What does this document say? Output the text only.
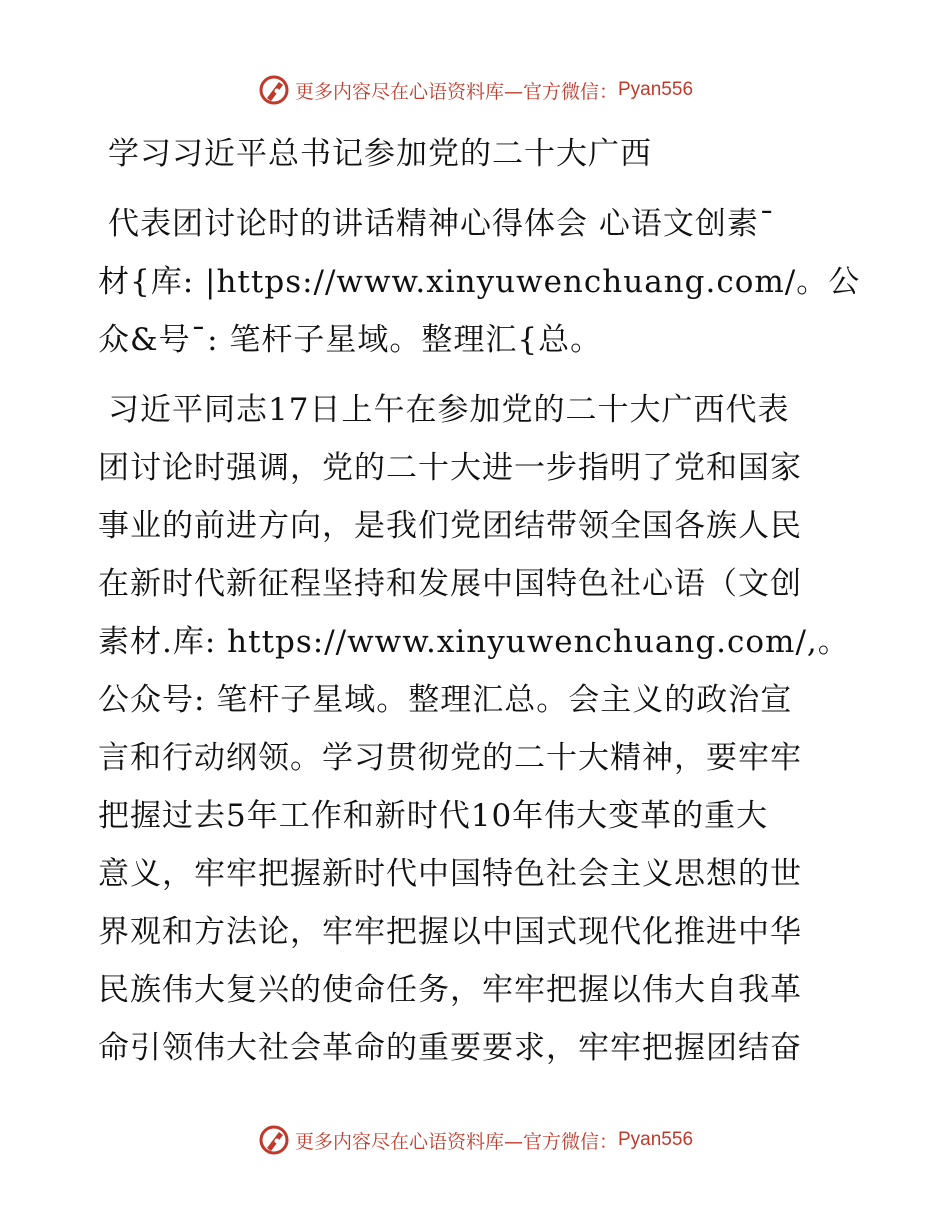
更多内容尽在心语资料库 —官方微信： Pyan556
学习习近平总书记参加党的二十大广西
代表团讨论时的讲话精神心得体会 心语文创素¯
材{库: |https://www.xinyuwenchuang.com/。公
众&号¯: 笔杆子星域。整理汇{总。
习近平同志17日上午在参加党的二十大广西代表
团讨论时强调，党的二十大进一步指明了党和国家
事业的前进方向，是我们党团结带领全国各族人民
在新时代新征程坚持和发展中国特色社心语（文创
素材.库: https://www.xinyuwenchuang.com/,。
公众号: 笔杆子星域。整理汇总。会主义的政治宣
言和行动纲领。学习贯彻党的二十大精神，要牢牢
把握过去5年工作和新时代10年伟大变革的重大
意义，牢牢把握新时代中国特色社会主义思想的世
界观和方法论，牢牢把握以中国式现代化推进中华
民族伟大复兴的使命任务，牢牢把握以伟大自我革
命引领伟大社会革命的重要要求，牢牢把握团结奋
更多内容尽在心语资料库 —官方微信： Pyan556
